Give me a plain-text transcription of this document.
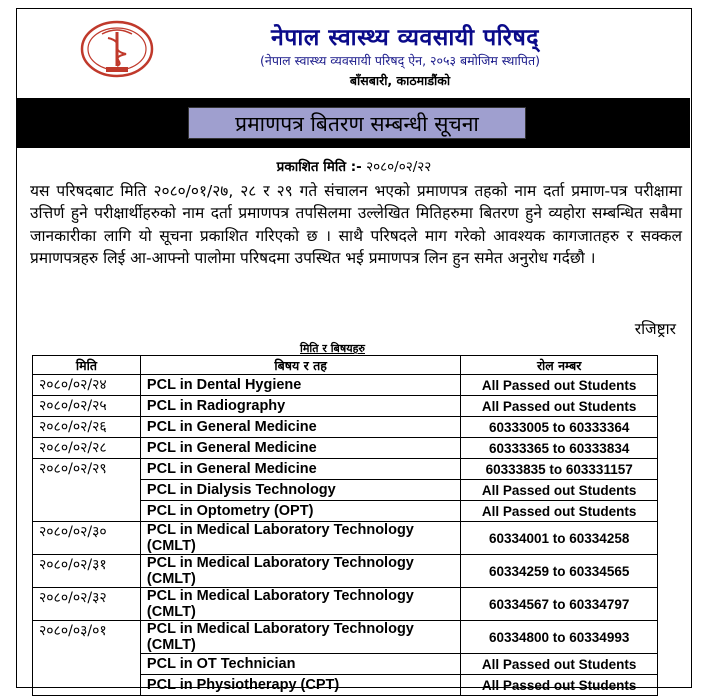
नेपाल स्वास्थ्य व्यवसायी परिषद्
(नेपाल स्वास्थ्य व्यवसायी परिषद् ऐन, २०५३ बमोजिम स्थापित)
बाँसबारी, काठमाडौंको
प्रमाणपत्र बितरण सम्बन्धी सूचना
प्रकाशित मिति :- २०८०/०२/२२

यस परिषदबाट मिति २०८०/०१/२७, २८ र २९ गते संचालन भएको प्रमाणपत्र तहको नाम दर्ता प्रमाण-पत्र परीक्षामा उत्तिर्ण हुने परीक्षार्थीहरुको नाम दर्ता प्रमाणपत्र तपसिलमा उल्लेखित मितिहरुमा बितरण हुने व्यहोरा सम्बन्धित सबैमा जानकारीका लागि यो सूचना प्रकाशित गरिएको छ । साथै परिषदले माग गरेको आवश्यक कागजातहरु र सक्कल प्रमाणपत्रहरु लिई आ-आफ्नो पालोमा परिषदमा उपस्थित भई प्रमाणपत्र लिन हुन समेत अनुरोध गर्दछौ ।

रजिष्ट्रार
मिति र बिषयहरु
मिति	बिषय र तह	रोल नम्बर
२०८०/०२/२४	PCL in Dental Hygiene	All Passed out Students
२०८०/०२/२५	PCL in Radiography	All Passed out Students
२०८०/०२/२६	PCL in General Medicine	60333005 to 60333364
२०८०/०२/२८	PCL in General Medicine	60333365 to 60333834
२०८०/०२/२९	PCL in General Medicine	60333835 to 603331157
	PCL in Dialysis Technology	All Passed out Students
	PCL in Optometry (OPT)	All Passed out Students
२०८०/०२/३०	PCL in Medical Laboratory Technology (CMLT)	60334001 to 60334258
२०८०/०२/३१	PCL in Medical Laboratory Technology (CMLT)	60334259 to 60334565
२०८०/०२/३२	PCL in Medical Laboratory Technology (CMLT)	60334567 to 60334797
२०८०/०३/०१	PCL in Medical Laboratory Technology (CMLT)	60334800 to 60334993
	PCL in OT Technician	All Passed out Students
	PCL in Physiotherapy (CPT)	All Passed out Students
